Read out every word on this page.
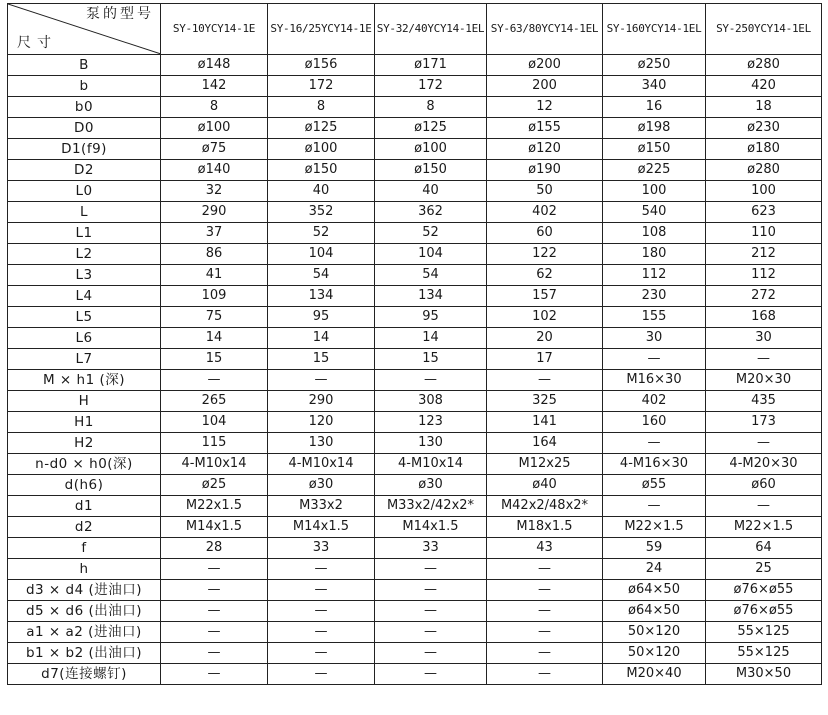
泵的型号
尺寸	SY-10YCY14-1E	SY-16/25YCY14-1E	SY-32/40YCY14-1EL	SY-63/80YCY14-1EL	SY-160YCY14-1EL	SY-250YCY14-1EL
B	ø148	ø156	ø171	ø200	ø250	ø280
b	142	172	172	200	340	420
b0	8	8	8	12	16	18
D0	ø100	ø125	ø125	ø155	ø198	ø230
D1(f9)	ø75	ø100	ø100	ø120	ø150	ø180
D2	ø140	ø150	ø150	ø190	ø225	ø280
L0	32	40	40	50	100	100
L	290	352	362	402	540	623
L1	37	52	52	60	108	110
L2	86	104	104	122	180	212
L3	41	54	54	62	112	112
L4	109	134	134	157	230	272
L5	75	95	95	102	155	168
L6	14	14	14	20	30	30
L7	15	15	15	17	—	—
M × h1 (深)	—	—	—	—	M16×30	M20×30
H	265	290	308	325	402	435
H1	104	120	123	141	160	173
H2	115	130	130	164	—	—
n-d0 × h0(深)	4-M10x14	4-M10x14	4-M10x14	M12x25	4-M16×30	4-M20×30
d(h6)	ø25	ø30	ø30	ø40	ø55	ø60
d1	M22x1.5	M33x2	M33x2/42x2*	M42x2/48x2*	—	—
d2	M14x1.5	M14x1.5	M14x1.5	M18x1.5	M22×1.5	M22×1.5
f	28	33	33	43	59	64
h	—	—	—	—	24	25
d3 × d4 (进油口)	—	—	—	—	ø64×50	ø76×ø55
d5 × d6 (出油口)	—	—	—	—	ø64×50	ø76×ø55
a1 × a2 (进油口)	—	—	—	—	50×120	55×125
b1 × b2 (出油口)	—	—	—	—	50×120	55×125
d7(连接螺钉)	—	—	—	—	M20×40	M30×50
